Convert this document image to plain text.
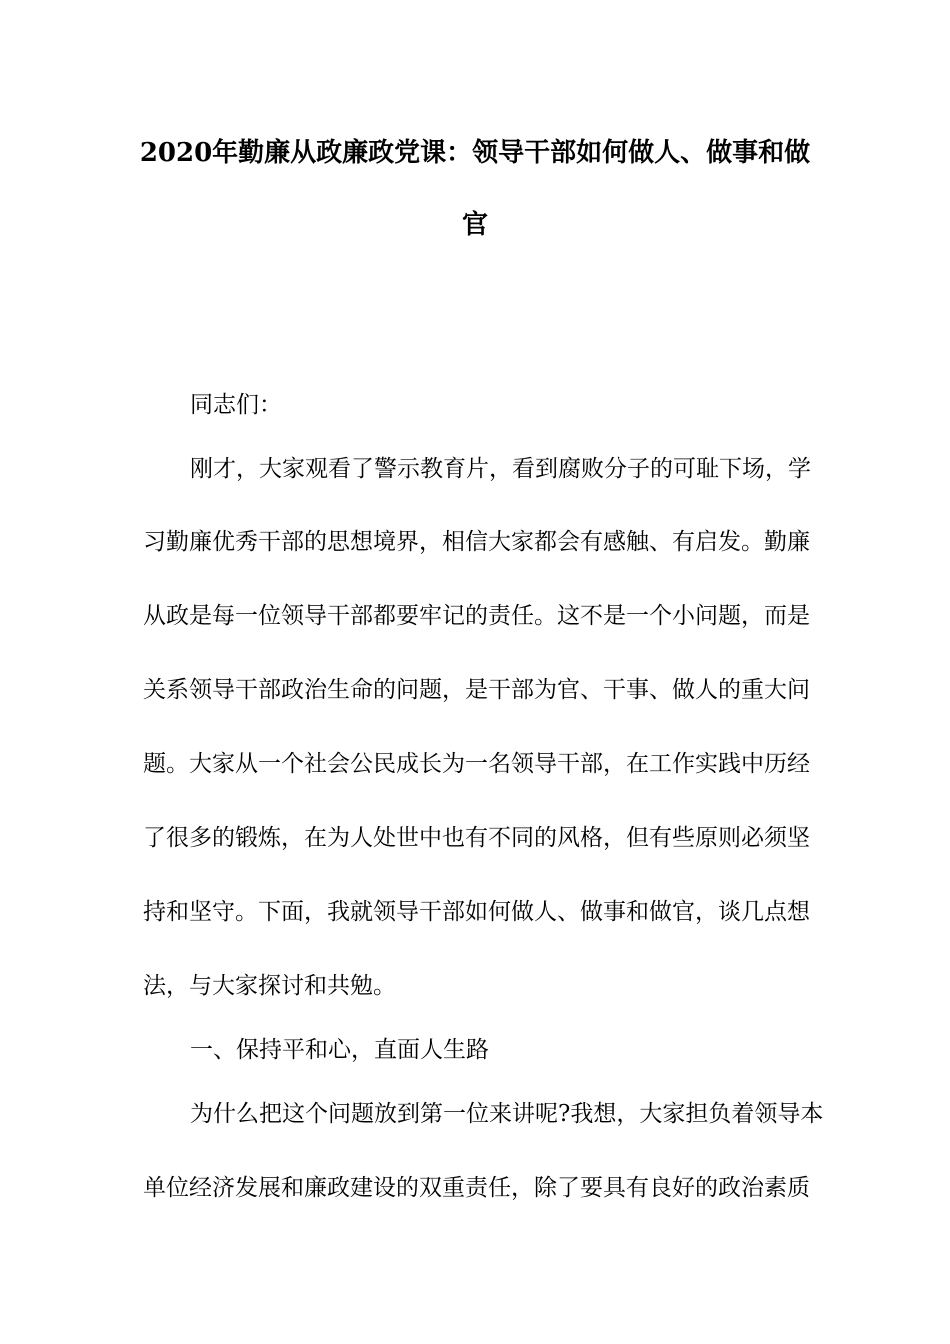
2020年勤廉从政廉政党课：领导干部如何做人、做事和做
官
同志们：
刚才，大家观看了警示教育片，看到腐败分子的可耻下场，学
习勤廉优秀干部的思想境界，相信大家都会有感触、有启发。勤廉
从政是每一位领导干部都要牢记的责任。这不是一个小问题，而是
关系领导干部政治生命的问题，是干部为官、干事、做人的重大问
题。大家从一个社会公民成长为一名领导干部，在工作实践中历经
了很多的锻炼，在为人处世中也有不同的风格，但有些原则必须坚
持和坚守。下面，我就领导干部如何做人、做事和做官，谈几点想
法，与大家探讨和共勉。
一、保持平和心，直面人生路
为什么把这个问题放到第一位来讲呢?我想，大家担负着领导本
单位经济发展和廉政建设的双重责任，除了要具有良好的政治素质
